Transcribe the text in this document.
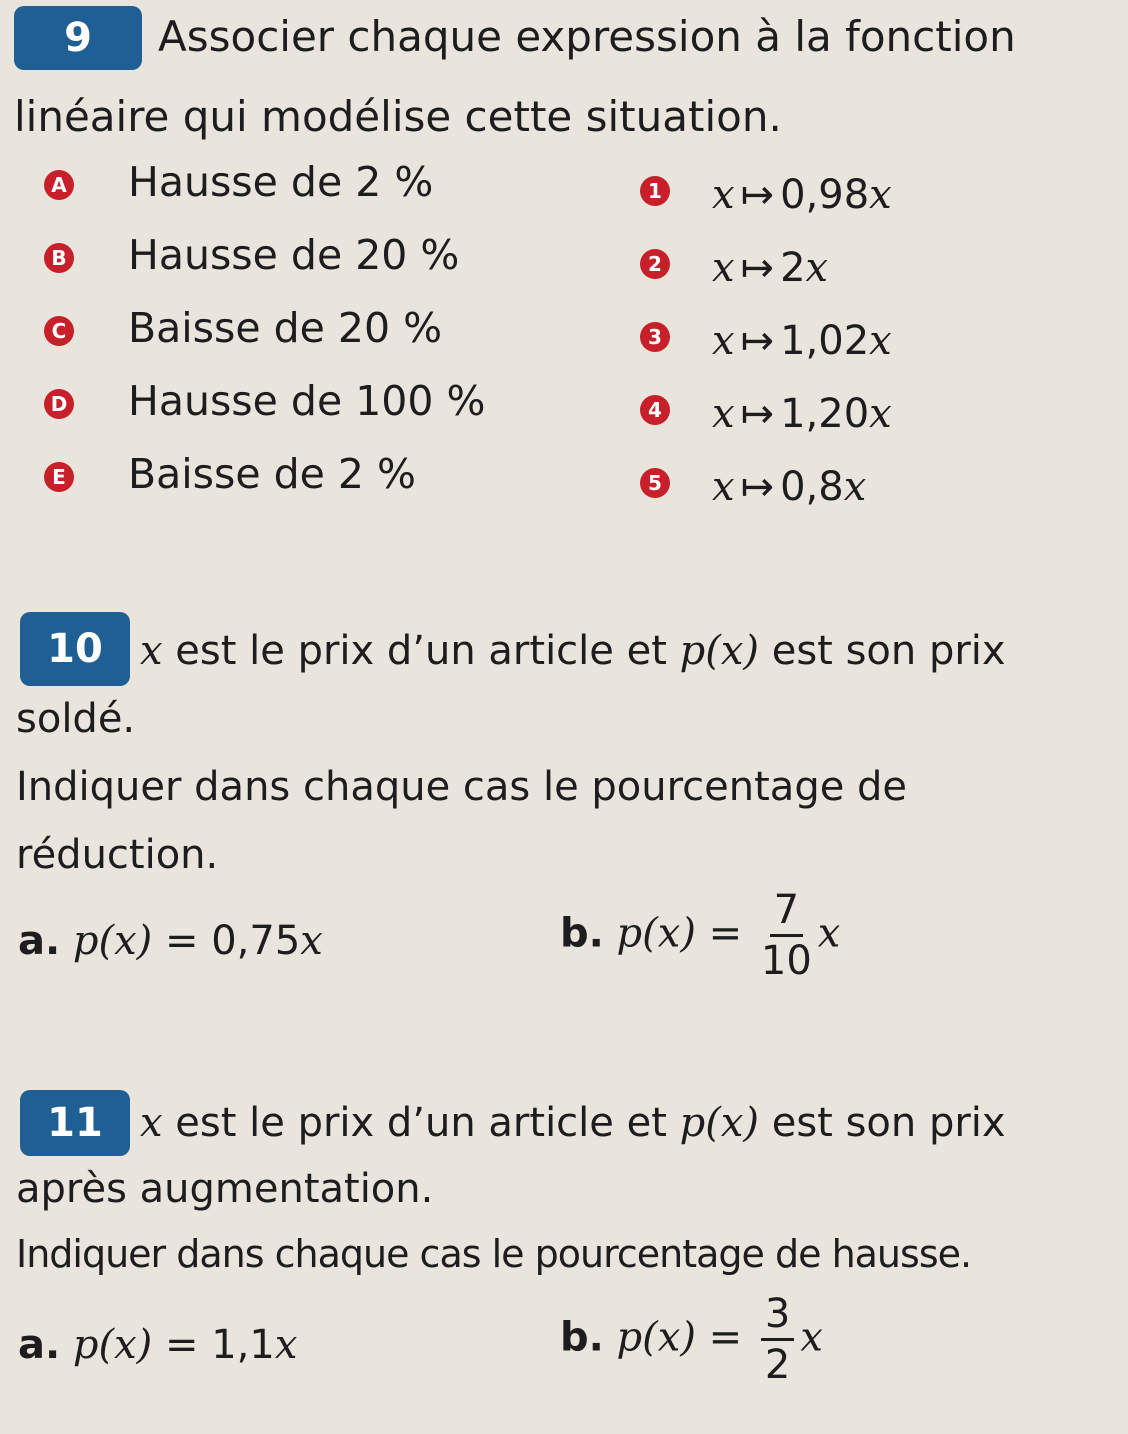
9	Associer chaque expression à la fonction
linéaire qui modélise cette situation.
A Hausse de 2 %
B Hausse de 20 %
C Baisse de 20 %
D Hausse de 100 %
E Baisse de 2 %
1 x ↦ 0,98x
2 x ↦ 2x
3 x ↦ 1,02x
4 x ↦ 1,20x
5 x ↦ 0,8x
10 x est le prix d’un article et p(x) est son prix
soldé.
Indiquer dans chaque cas le pourcentage de
réduction.
a. p(x) = 0,75x	b. $p(x) = \frac{7}{10}$ x
11 x est le prix d’un article et p(x) est son prix
après augmentation.
Indiquer dans chaque cas le pourcentage de hausse.
a. p(x) = 1,1x	b. $p(x) = \frac{3}{2}$ x
